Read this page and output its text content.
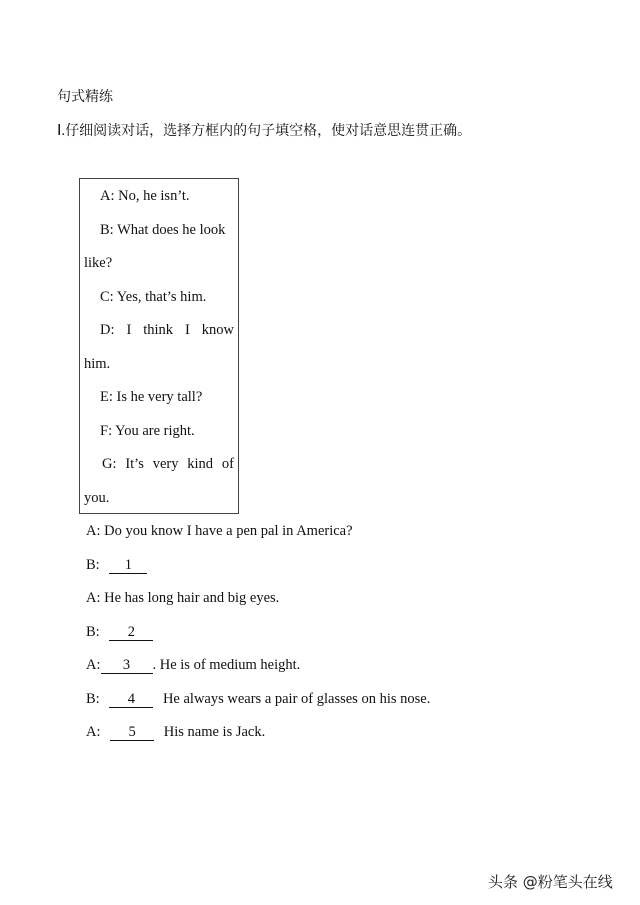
句式精练
Ⅰ.仔细阅读对话，选择方框内的句子填空格，使对话意思连贯正确。
A: No, he isn’t.
B: What does he look
like?
C: Yes, that’s him.
D: I think I know
him.
E: Is he very tall?
F: You are right.
G: It’s very kind of
you.
A: Do you know I have a pen pal in America?
B: 1
A: He has long hair and big eyes.
B: 2
A: 3 . He is of medium height.
B: 4 He always wears a pair of glasses on his nose.
A: 5 His name is Jack.
头条 @粉笔头在线
